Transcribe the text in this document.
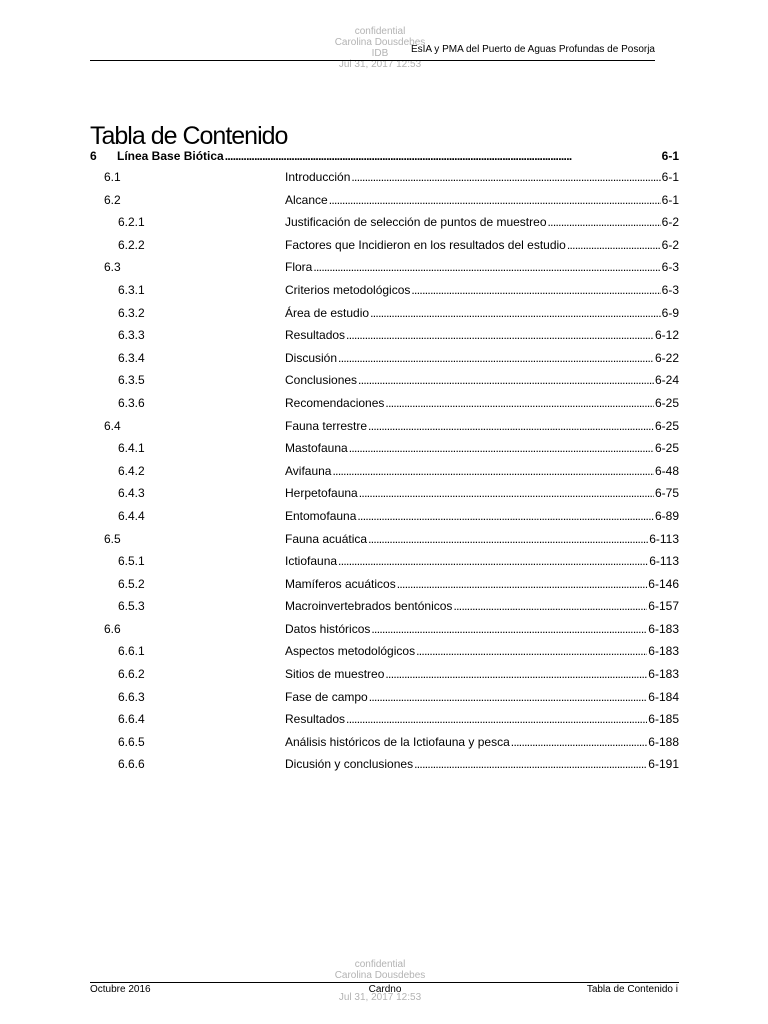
confidential
Carolina Dousdebes
IDB
Jul 31, 2017 12:53
EsIA y PMA del Puerto de Aguas Profundas de Posorja
Tabla de Contenido
6	Línea Base Biótica . . .	6-1
6.1	Introducción . . .	6-1
6.2	Alcance . . .	6-1
6.2.1	Justificación de selección de puntos de muestreo . . .	6-2
6.2.2	Factores que Incidieron en los resultados del estudio . . .	6-2
6.3	Flora . . .	6-3
6.3.1	Criterios metodológicos . . .	6-3
6.3.2	Área de estudio . . .	6-9
6.3.3	Resultados . . .	6-12
6.3.4	Discusión . . .	6-22
6.3.5	Conclusiones . . .	6-24
6.3.6	Recomendaciones . . .	6-25
6.4	Fauna terrestre . . .	6-25
6.4.1	Mastofauna . . .	6-25
6.4.2	Avifauna . . .	6-48
6.4.3	Herpetofauna . . .	6-75
6.4.4	Entomofauna . . .	6-89
6.5	Fauna acuática . . .	6-113
6.5.1	Ictiofauna . . .	6-113
6.5.2	Mamíferos acuáticos . . .	6-146
6.5.3	Macroinvertebrados bentónicos . . .	6-157
6.6	Datos históricos . . .	6-183
6.6.1	Aspectos metodológicos . . .	6-183
6.6.2	Sitios de muestreo . . .	6-183
6.6.3	Fase de campo . . .	6-184
6.6.4	Resultados . . .	6-185
6.6.5	Análisis históricos de la Ictiofauna y pesca . . .	6-188
6.6.6	Dicusión y conclusiones . . .	6-191
confidential
Carolina Dousdebes

Jul 31, 2017 12:53
Octubre 2016	Cardno	Tabla de Contenido i
